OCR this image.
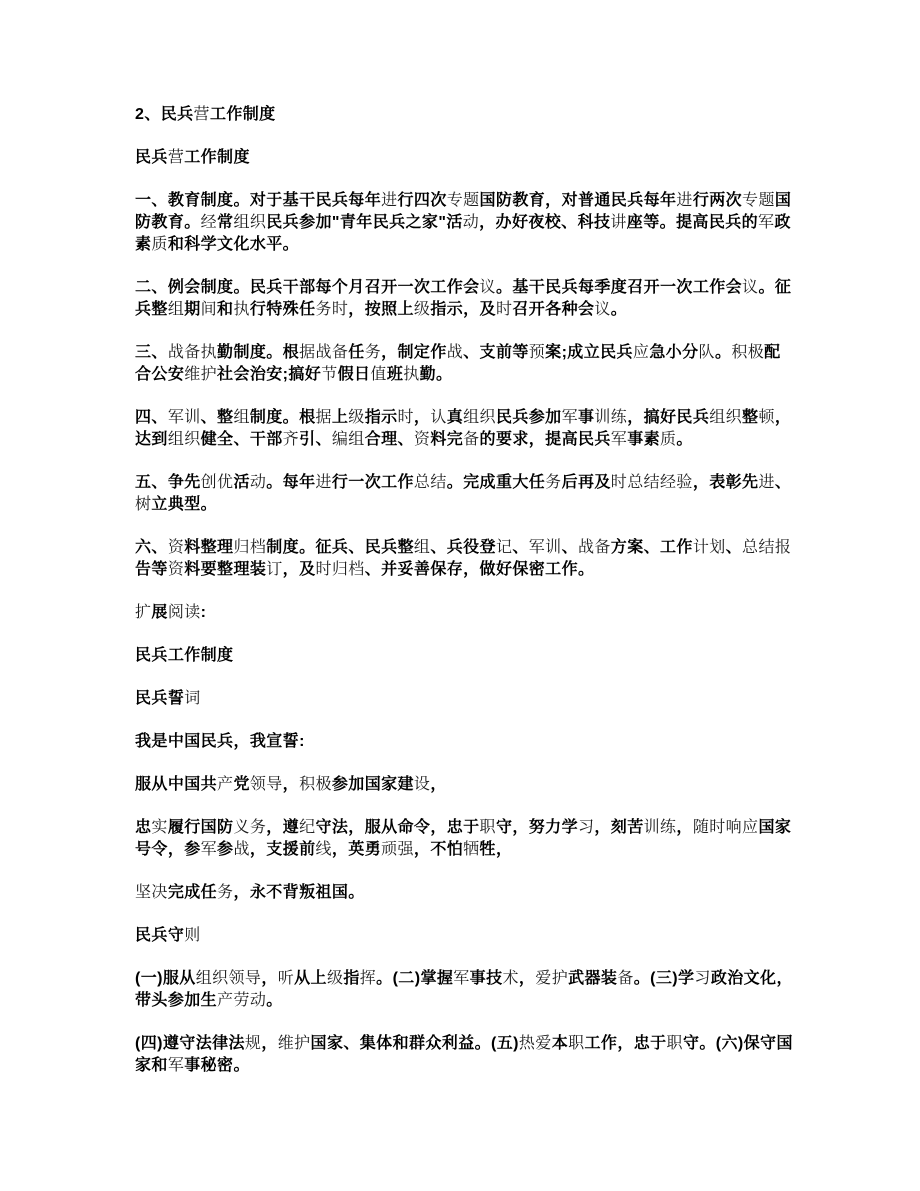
2、民兵营工作制度

民兵营工作制度

一、教育制度。对于基干民兵每年进行四次专题国防教育，对普通民兵每年进行两次专题国防教育。经常组织民兵参加"青年民兵之家"活动，办好夜校、科技讲座等。提高民兵的军政素质和科学文化水平。

二、例会制度。民兵干部每个月召开一次工作会议。基干民兵每季度召开一次工作会议。征兵整组期间和执行特殊任务时，按照上级指示，及时召开各种会议。

三、战备执勤制度。根据战备任务，制定作战、支前等预案;成立民兵应急小分队。积极配合公安维护社会治安;搞好节假日值班执勤。

四、军训、整组制度。根据上级指示时，认真组织民兵参加军事训练，搞好民兵组织整顿，达到组织健全、干部齐引、编组合理、资料完备的要求，提高民兵军事素质。

五、争先创优活动。每年进行一次工作总结。完成重大任务后再及时总结经验，表彰先进、树立典型。

六、资料整理归档制度。征兵、民兵整组、兵役登记、军训、战备方案、工作计划、总结报告等资料要整理装订，及时归档、并妥善保存，做好保密工作。

扩展阅读:

民兵工作制度

民兵誓词

我是中国民兵，我宣誓:

服从中国共产党领导，积极参加国家建设，

忠实履行国防义务，遵纪守法，服从命令，忠于职守，努力学习，刻苦训练，随时响应国家号令，参军参战，支援前线，英勇顽强，不怕牺牲，

坚决完成任务，永不背叛祖国。

民兵守则

(一)服从组织领导，听从上级指挥。(二)掌握军事技术，爱护武器装备。(三)学习政治文化，带头参加生产劳动。

(四)遵守法律法规，维护国家、集体和群众利益。(五)热爱本职工作，忠于职守。(六)保守国家和军事秘密。
